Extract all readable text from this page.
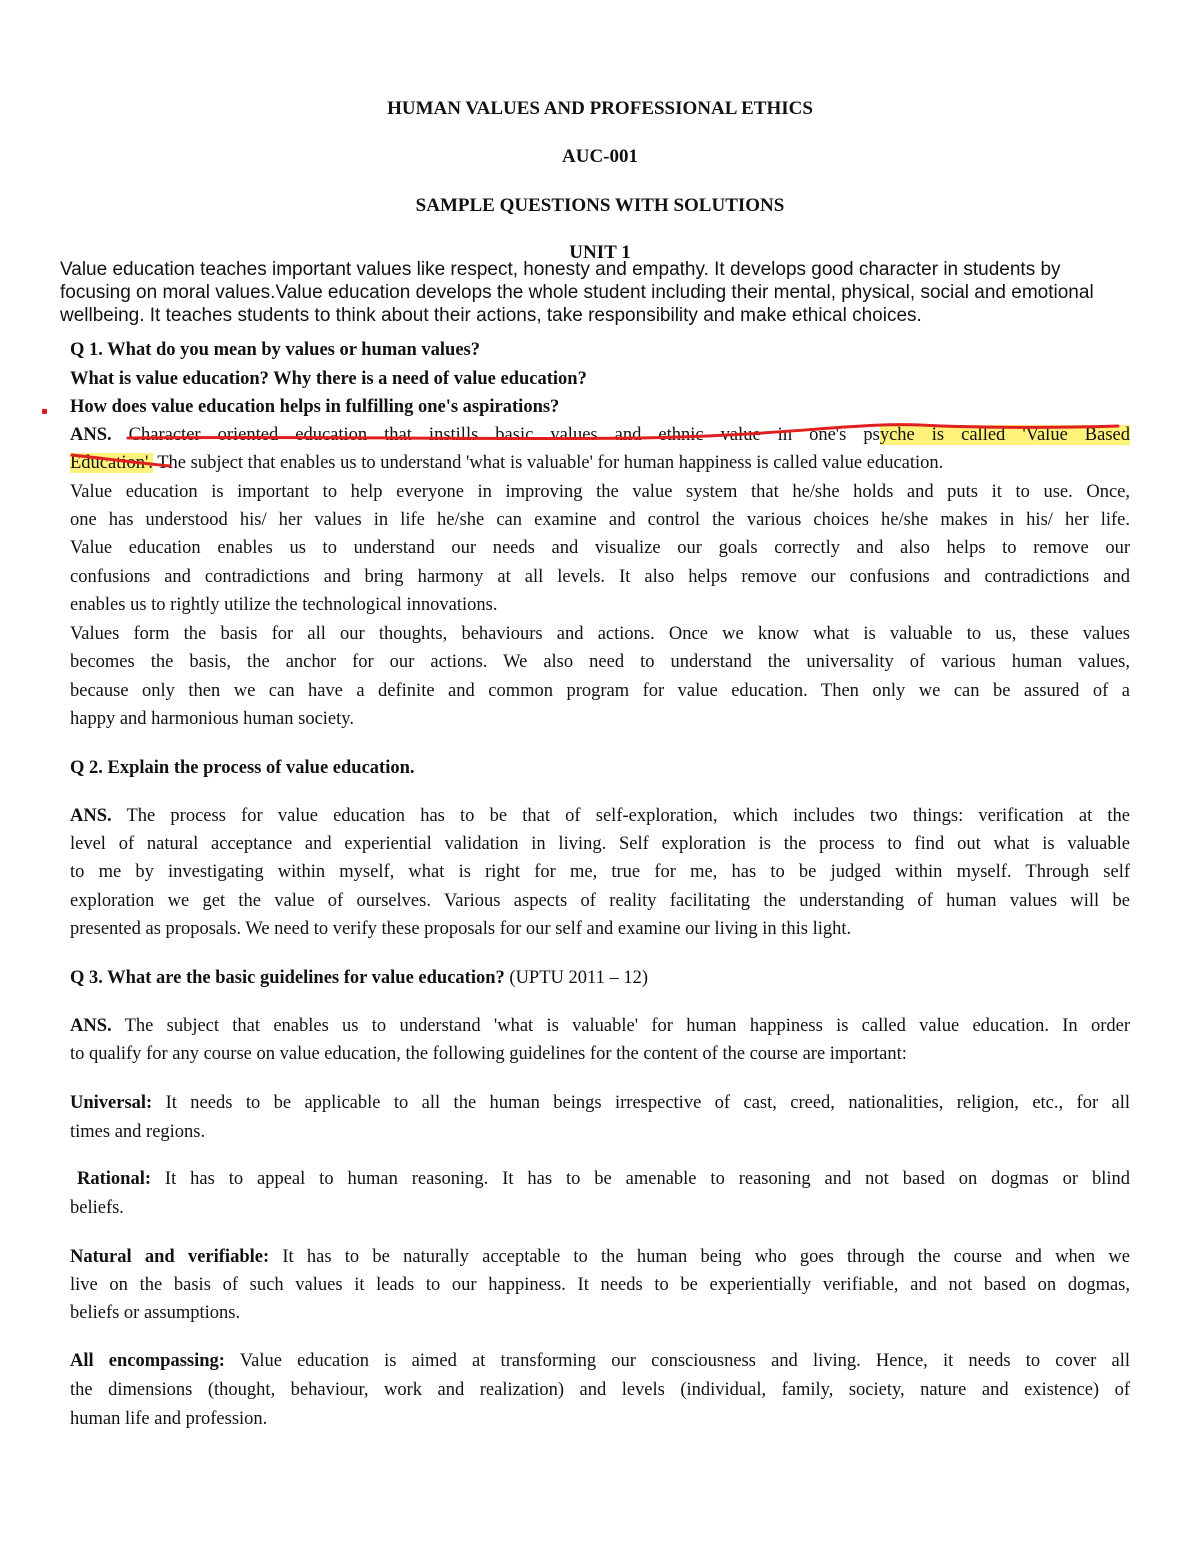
HUMAN VALUES AND PROFESSIONAL ETHICS
AUC-001
SAMPLE QUESTIONS WITH SOLUTIONS
UNIT 1
Value education teaches important values like respect, honesty and empathy. It develops good character in students by
focusing on moral values.Value education develops the whole student including their mental, physical, social and emotional
wellbeing. It teaches students to think about their actions, take responsibility and make ethical choices.
Q 1. What do you mean by values or human values?
What is value education? Why there is a need of value education?
How does value education helps in fulfilling one's aspirations?
ANS. Character oriented education that instills basic values and ethnic value in one's psyche is called 'Value Based
Education'. The subject that enables us to understand 'what is valuable' for human happiness is called value education.
Value education is important to help everyone in improving the value system that he/she holds and puts it to use. Once,
one has understood his/ her values in life he/she can examine and control the various choices he/she makes in his/ her life.
Value education enables us to understand our needs and visualize our goals correctly and also helps to remove our
confusions and contradictions and bring harmony at all levels. It also helps remove our confusions and contradictions and
enables us to rightly utilize the technological innovations.
Values form the basis for all our thoughts, behaviours and actions. Once we know what is valuable to us, these values
becomes the basis, the anchor for our actions. We also need to understand the universality of various human values,
because only then we can have a definite and common program for value education. Then only we can be assured of a
happy and harmonious human society.
Q 2. Explain the process of value education.
ANS. The process for value education has to be that of self-exploration, which includes two things: verification at the
level of natural acceptance and experiential validation in living. Self exploration is the process to find out what is valuable
to me by investigating within myself, what is right for me, true for me, has to be judged within myself. Through self
exploration we get the value of ourselves. Various aspects of reality facilitating the understanding of human values will be
presented as proposals. We need to verify these proposals for our self and examine our living in this light.
Q 3. What are the basic guidelines for value education? (UPTU 2011 – 12)
ANS. The subject that enables us to understand 'what is valuable' for human happiness is called value education. In order
to qualify for any course on value education, the following guidelines for the content of the course are important:
Universal: It needs to be applicable to all the human beings irrespective of cast, creed, nationalities, religion, etc., for all
times and regions.
Rational: It has to appeal to human reasoning. It has to be amenable to reasoning and not based on dogmas or blind
beliefs.
Natural and verifiable: It has to be naturally acceptable to the human being who goes through the course and when we
live on the basis of such values it leads to our happiness. It needs to be experientially verifiable, and not based on dogmas,
beliefs or assumptions.
All encompassing: Value education is aimed at transforming our consciousness and living. Hence, it needs to cover all
the dimensions (thought, behaviour, work and realization) and levels (individual, family, society, nature and existence) of
human life and profession.
